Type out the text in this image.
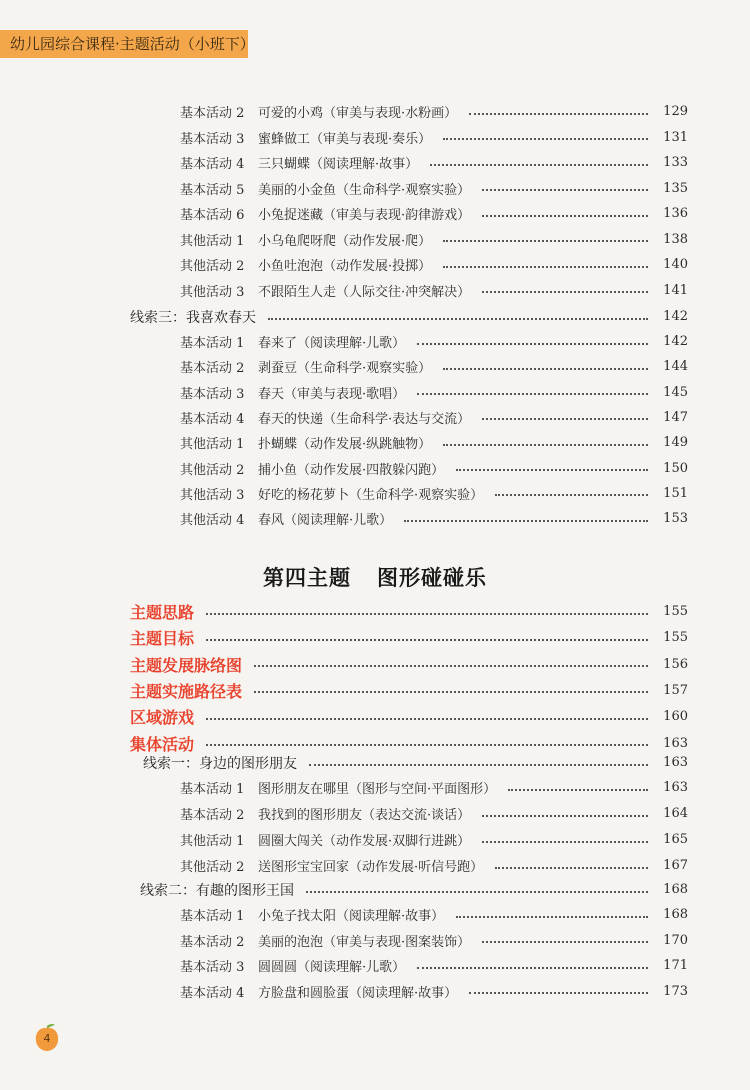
幼儿园综合课程·主题活动（小班下）
基本活动 2	可爱的小鸡（审美与表现·水粉画）	129
基本活动 3	蜜蜂做工（审美与表现·奏乐）	131
基本活动 4	三只蝴蝶（阅读理解·故事）	133
基本活动 5	美丽的小金鱼（生命科学·观察实验）	135
基本活动 6	小兔捉迷藏（审美与表现·韵律游戏）	136
其他活动 1	小乌龟爬呀爬（动作发展·爬）	138
其他活动 2	小鱼吐泡泡（动作发展·投掷）	140
其他活动 3	不跟陌生人走（人际交往·冲突解决）	141
线索三：我喜欢春天	142
基本活动 1	春来了（阅读理解·儿歌）	142
基本活动 2	剥蚕豆（生命科学·观察实验）	144
基本活动 3	春天（审美与表现·歌唱）	145
基本活动 4	春天的快递（生命科学·表达与交流）	147
其他活动 1	扑蝴蝶（动作发展·纵跳触物）	149
其他活动 2	捕小鱼（动作发展·四散躲闪跑）	150
其他活动 3	好吃的杨花萝卜（生命科学·观察实验）	151
其他活动 4	春风（阅读理解·儿歌）	153
主题思路	155
主题目标	155
主题发展脉络图	156
主题实施路径表	157
区域游戏	160
集体活动	163
线索一：身边的图形朋友	163
基本活动 1	图形朋友在哪里（图形与空间·平面图形）	163
基本活动 2	我找到的图形朋友（表达交流·谈话）	164
其他活动 1	圆圈大闯关（动作发展·双脚行进跳）	165
其他活动 2	送图形宝宝回家（动作发展·听信号跑）	167
线索二：有趣的图形王国	168
基本活动 1	小兔子找太阳（阅读理解·故事）	168
基本活动 2	美丽的泡泡（审美与表现·图案装饰）	170
基本活动 3	圆圆圆（阅读理解·儿歌）	171
基本活动 4	方脸盘和圆脸蛋（阅读理解·故事）	173
第四主题 图形碰碰乐
4
